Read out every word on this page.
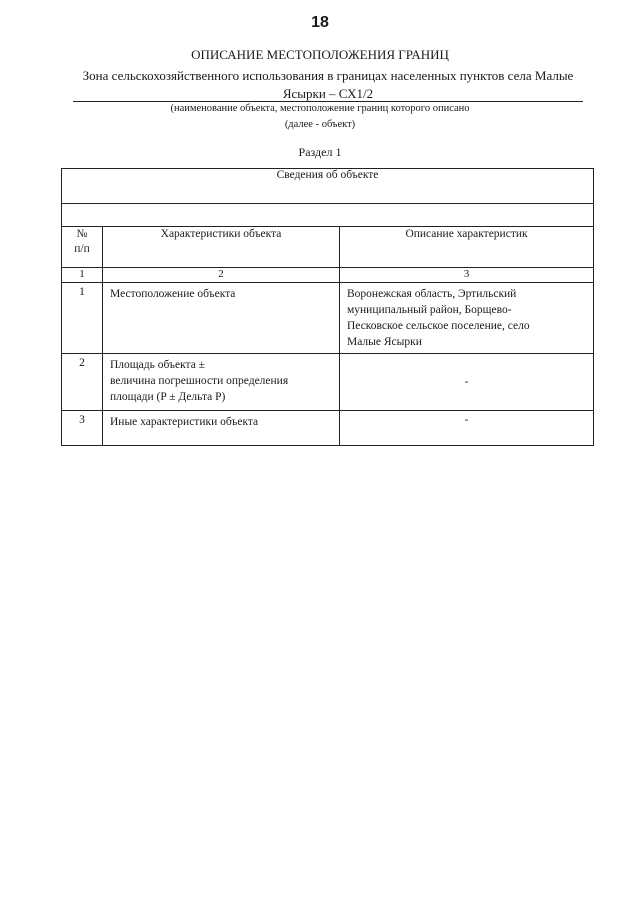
18
ОПИСАНИЕ МЕСТОПОЛОЖЕНИЯ ГРАНИЦ
Зона сельскохозяйственного использования в границах населенных пунктов села Малые
Ясырки – СХ1/2
(наименование объекта, местоположение границ которого описано
(далее - объект)
Раздел 1
Сведения об объекте		

№
п/п	Характеристики объекта	Описание характеристик
1	2	3
1	Местоположение объекта	Воронежская область, Эртильский
муниципальный район, Борщево-
Песковское сельское поселение, село
Малые Ясырки

2	Площадь объекта ±
величина погрешности определения
площади (P ± Дельта P)	-
3	Иные характеристики объекта	-
